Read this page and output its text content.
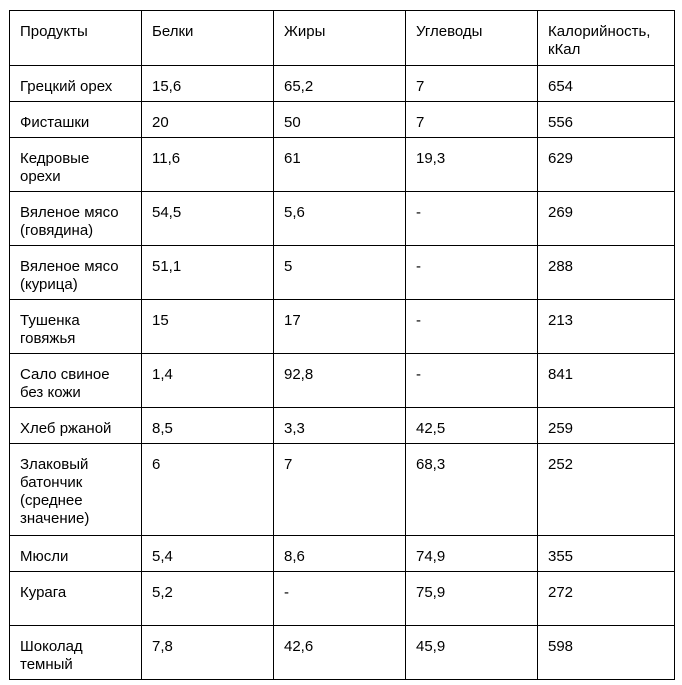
Продукты	Белки	Жиры	Углеводы	Калорийность, кКал
Грецкий орех	15,6	65,2	7	654
Фисташки	20	50	7	556
Кедровые орехи	11,6	61	19,3	629
Вяленое мясо (говядина)	54,5	5,6	-	269
Вяленое мясо (курица)	51,1	5	-	288
Тушенка говяжья	15	17	-	213
Сало свиное без кожи	1,4	92,8	-	841
Хлеб ржаной	8,5	3,3	42,5	259
Злаковый батончик (среднее значение)	6	7	68,3	252
Мюсли	5,4	8,6	74,9	355
Курага	5,2	-	75,9	272
Шоколад темный	7,8	42,6	45,9	598
